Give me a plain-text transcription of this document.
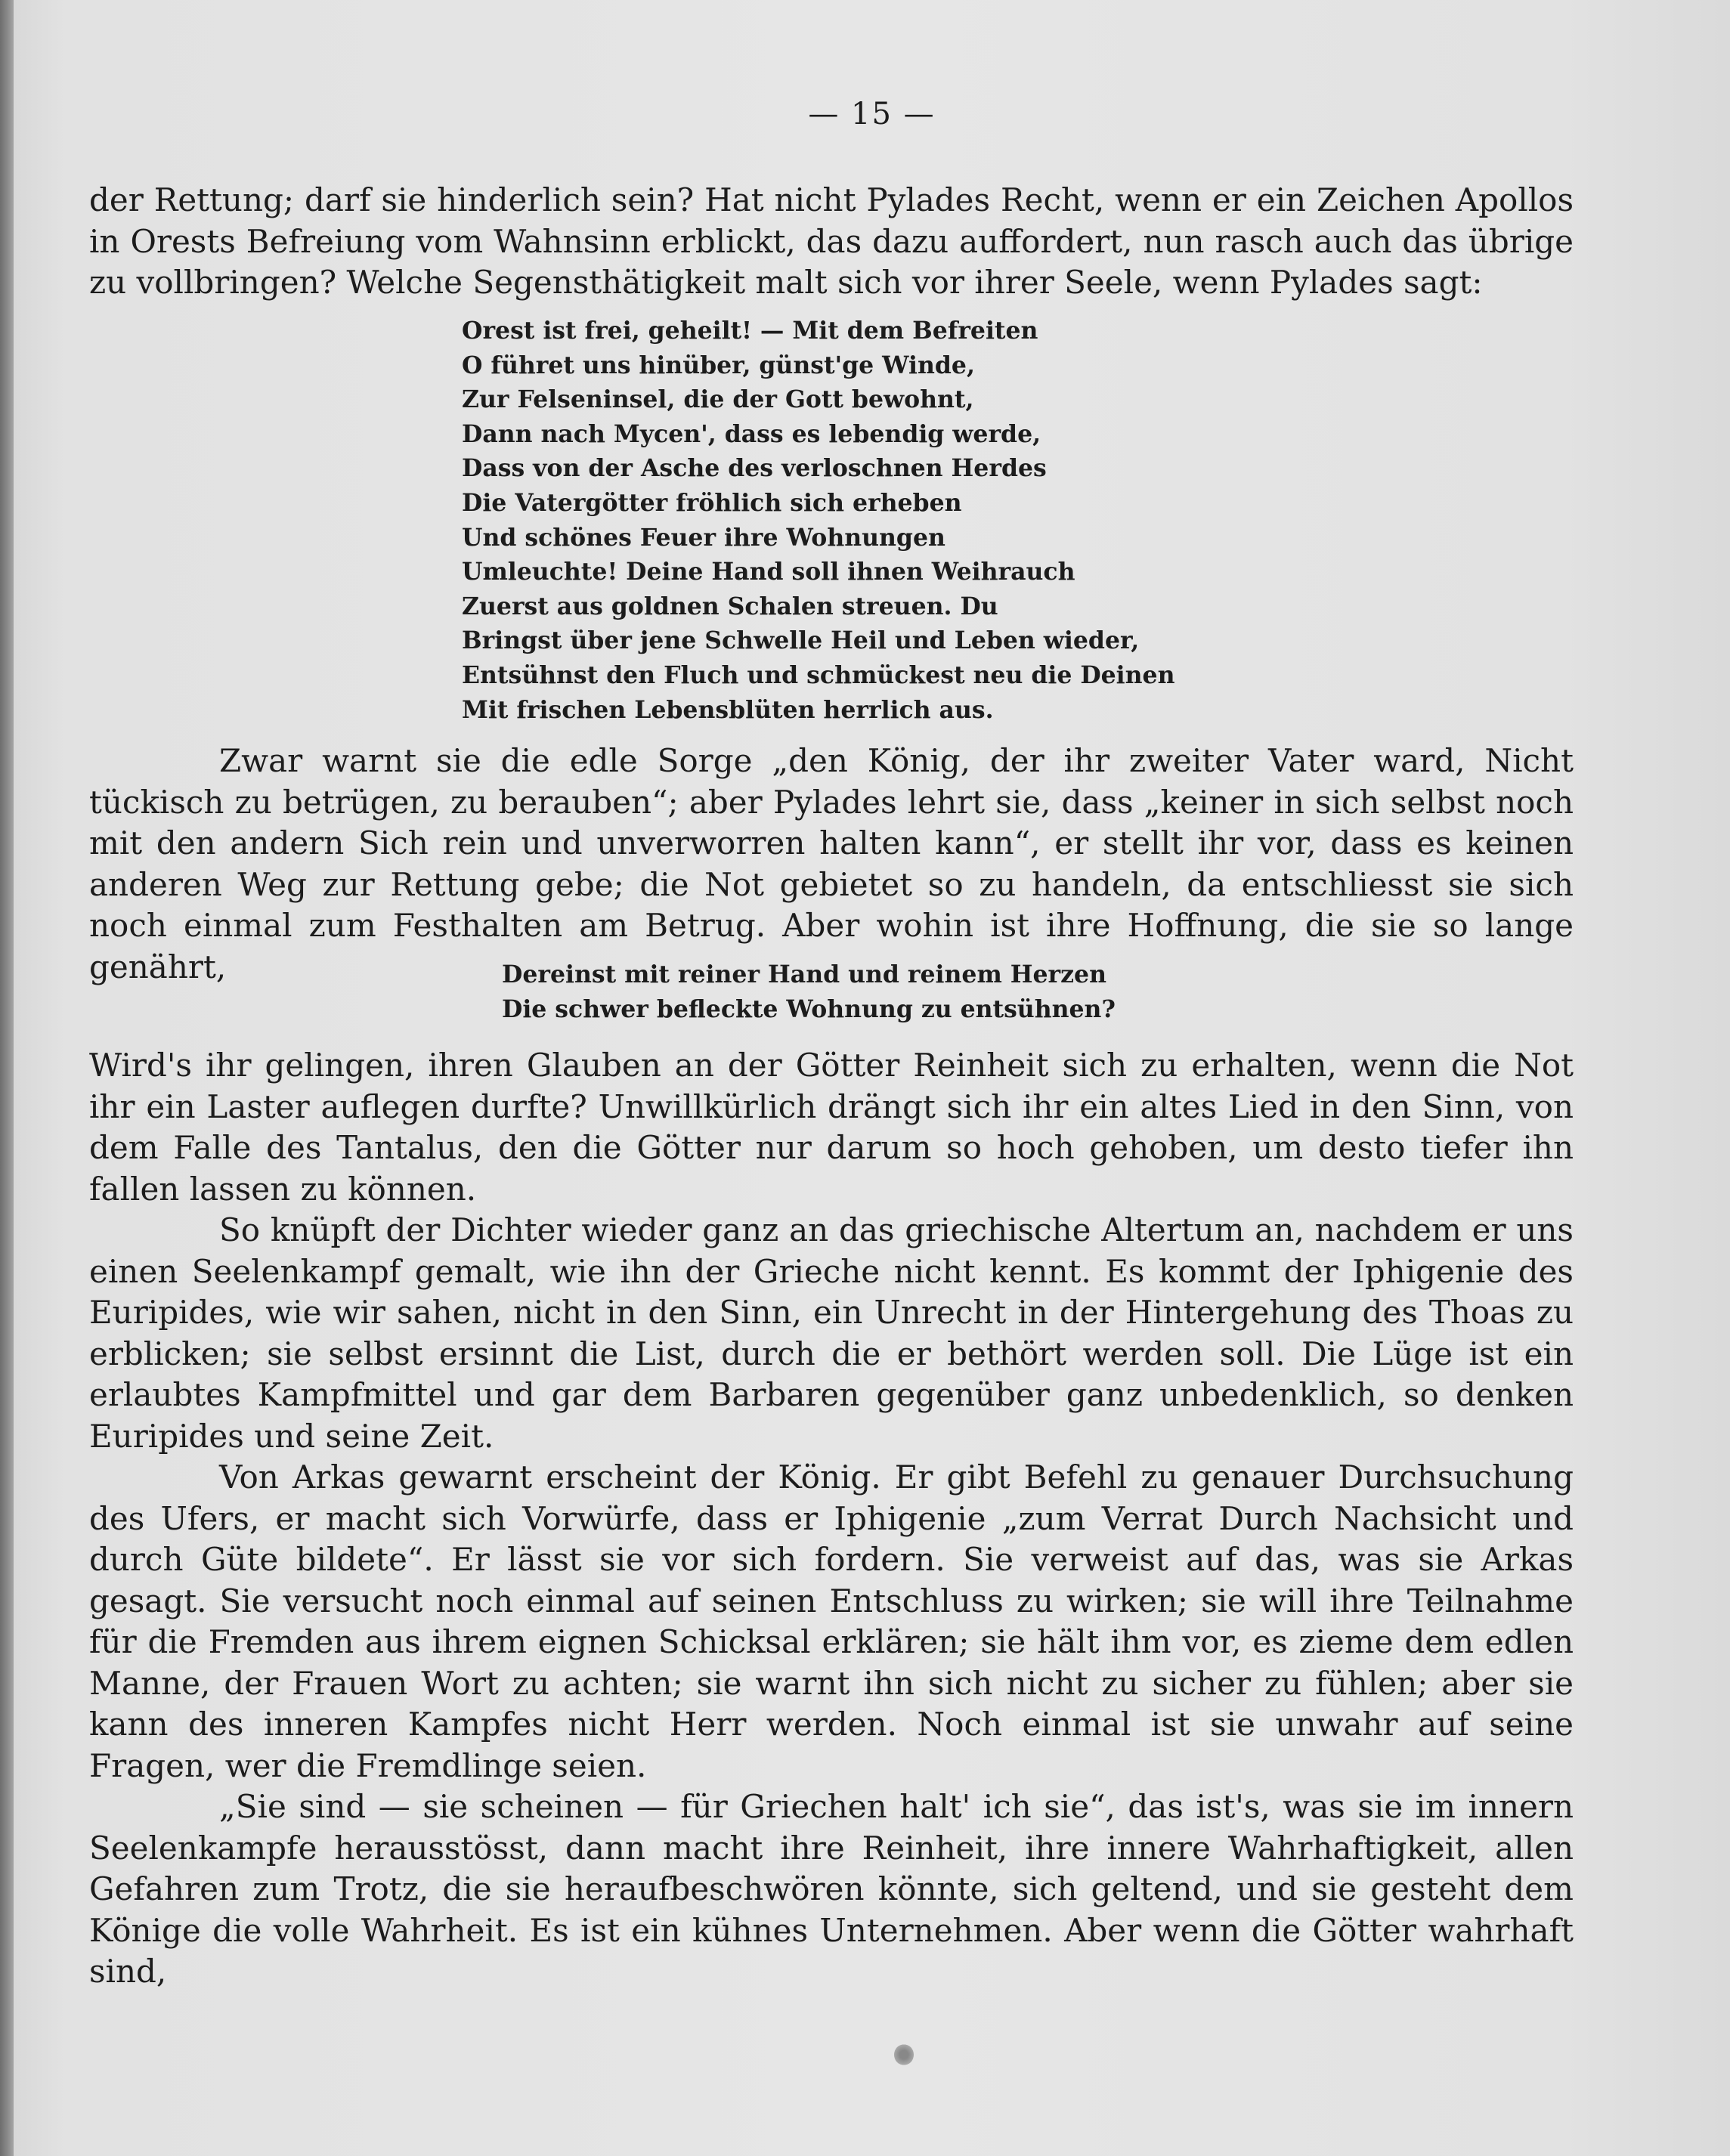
— 15 —

der Rettung; darf sie hinderlich sein? Hat nicht Pylades Recht, wenn er ein Zeichen Apollos in Orests Befreiung vom Wahnsinn erblickt, das dazu auffordert, nun rasch auch das übrige zu vollbringen? Welche Segensthätigkeit malt sich vor ihrer Seele, wenn Pylades sagt:

Orest ist frei, geheilt! — Mit dem Befreiten
O führet uns hinüber, günst'ge Winde,
Zur Felseninsel, die der Gott bewohnt,
Dann nach Mycen', dass es lebendig werde,
Dass von der Asche des verloschnen Herdes
Die Vatergötter fröhlich sich erheben
Und schönes Feuer ihre Wohnungen
Umleuchte! Deine Hand soll ihnen Weihrauch
Zuerst aus goldnen Schalen streuen. Du
Bringst über jene Schwelle Heil und Leben wieder,
Entsühnst den Fluch und schmückest neu die Deinen
Mit frischen Lebensblüten herrlich aus.

Zwar warnt sie die edle Sorge „den König, der ihr zweiter Vater ward, Nicht tückisch zu betrügen, zu berauben“; aber Pylades lehrt sie, dass „keiner in sich selbst noch mit den andern Sich rein und unverworren halten kann“, er stellt ihr vor, dass es keinen anderen Weg zur Rettung gebe; die Not gebietet so zu handeln, da entschliesst sie sich noch einmal zum Festhalten am Betrug. Aber wohin ist ihre Hoffnung, die sie so lange genährt,	Dereinst mit reiner Hand und reinem Herzen
Die schwer befleckte Wohnung zu entsühnen?

Wird's ihr gelingen, ihren Glauben an der Götter Reinheit sich zu erhalten, wenn die Not ihr ein Laster auflegen durfte? Unwillkürlich drängt sich ihr ein altes Lied in den Sinn, von dem Falle des Tantalus, den die Götter nur darum so hoch gehoben, um desto tiefer ihn fallen lassen zu können.

So knüpft der Dichter wieder ganz an das griechische Altertum an, nachdem er uns einen Seelenkampf gemalt, wie ihn der Grieche nicht kennt. Es kommt der Iphigenie des Euripides, wie wir sahen, nicht in den Sinn, ein Unrecht in der Hintergehung des Thoas zu erblicken; sie selbst ersinnt die List, durch die er bethört werden soll. Die Lüge ist ein erlaubtes Kampfmittel und gar dem Barbaren gegenüber ganz unbedenklich, so denken Euripides und seine Zeit.

Von Arkas gewarnt erscheint der König. Er gibt Befehl zu genauer Durchsuchung des Ufers, er macht sich Vorwürfe, dass er Iphigenie „zum Verrat Durch Nachsicht und durch Güte bildete“. Er lässt sie vor sich fordern. Sie verweist auf das, was sie Arkas gesagt. Sie versucht noch einmal auf seinen Entschluss zu wirken; sie will ihre Teilnahme für die Fremden aus ihrem eignen Schicksal erklären; sie hält ihm vor, es zieme dem edlen Manne, der Frauen Wort zu achten; sie warnt ihn sich nicht zu sicher zu fühlen; aber sie kann des inneren Kampfes nicht Herr werden. Noch einmal ist sie unwahr auf seine Fragen, wer die Fremdlinge seien.

„Sie sind — sie scheinen — für Griechen halt' ich sie“, das ist's, was sie im innern Seelenkampfe herausstösst, dann macht ihre Reinheit, ihre innere Wahrhaftigkeit, allen Gefahren zum Trotz, die sie heraufbeschwören könnte, sich geltend, und sie gesteht dem Könige die volle Wahrheit. Es ist ein kühnes Unternehmen. Aber wenn die Götter wahrhaft sind,
